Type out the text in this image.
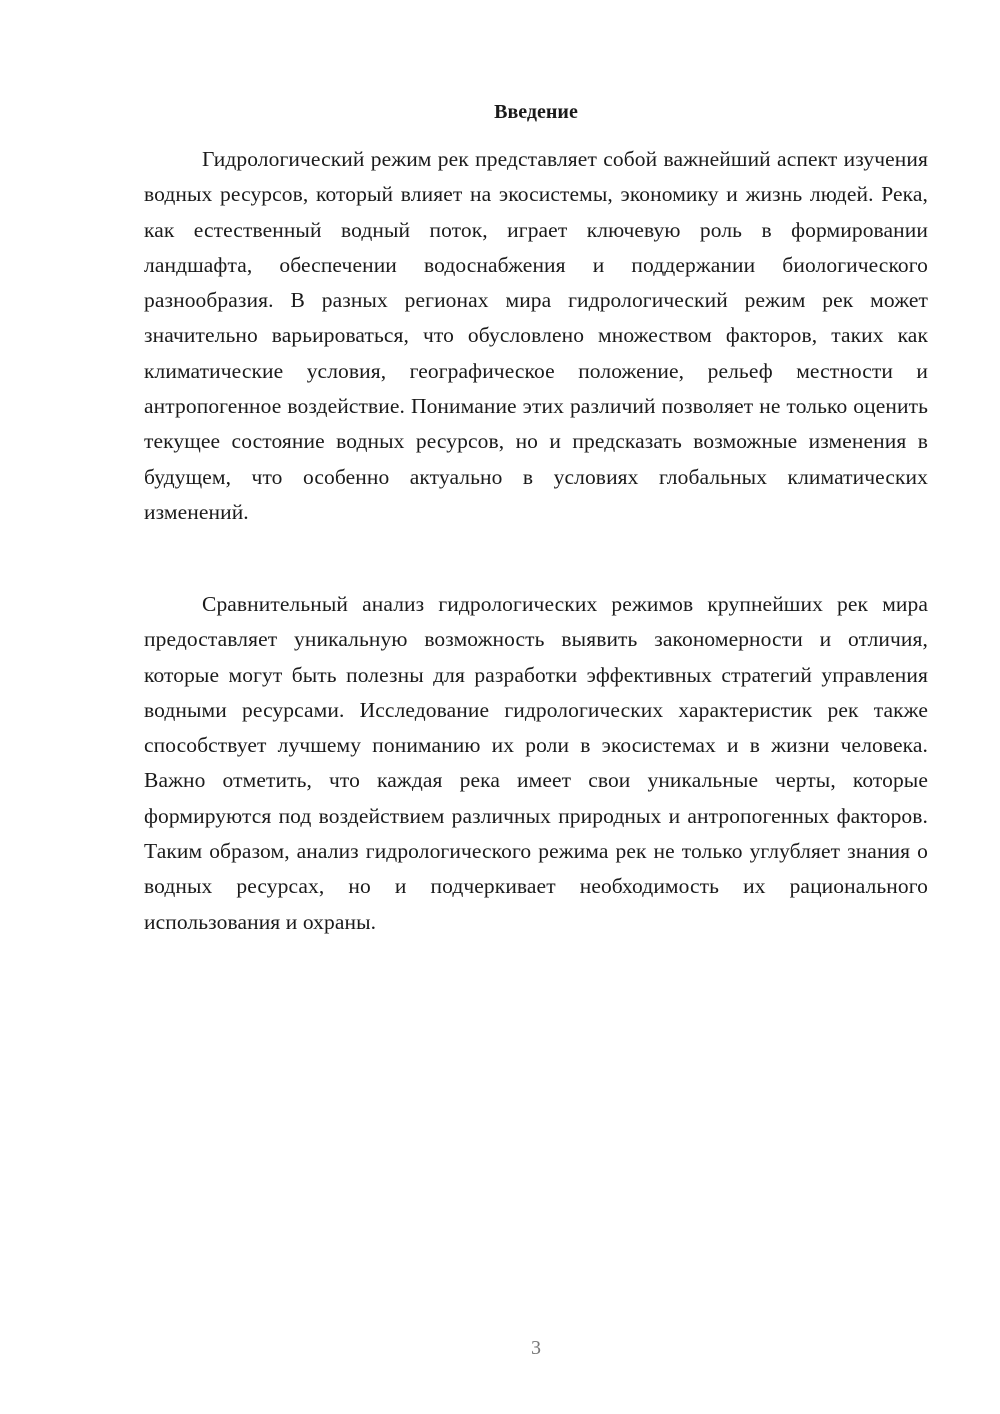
Введение

Гидрологический режим рек представляет собой важнейший аспект изучения водных ресурсов, который влияет на экосистемы, экономику и жизнь людей. Река, как естественный водный поток, играет ключевую роль в формировании ландшафта, обеспечении водоснабжения и поддержании биологического разнообразия. В разных регионах мира гидрологический режим рек может значительно варьироваться, что обусловлено множеством факторов, таких как климатические условия, географическое положение, рельеф местности и антропогенное воздействие. Понимание этих различий позволяет не только оценить текущее состояние водных ресурсов, но и предсказать возможные изменения в будущем, что особенно актуально в условиях глобальных климатических изменений.

Сравнительный анализ гидрологических режимов крупнейших рек мира предоставляет уникальную возможность выявить закономерности и отличия, которые могут быть полезны для разработки эффективных стратегий управления водными ресурсами. Исследование гидрологических характеристик рек также способствует лучшему пониманию их роли в экосистемах и в жизни человека. Важно отметить, что каждая река имеет свои уникальные черты, которые формируются под воздействием различных природных и антропогенных факторов. Таким образом, анализ гидрологического режима рек не только углубляет знания о водных ресурсах, но и подчеркивает необходимость их рационального использования и охраны.

3
